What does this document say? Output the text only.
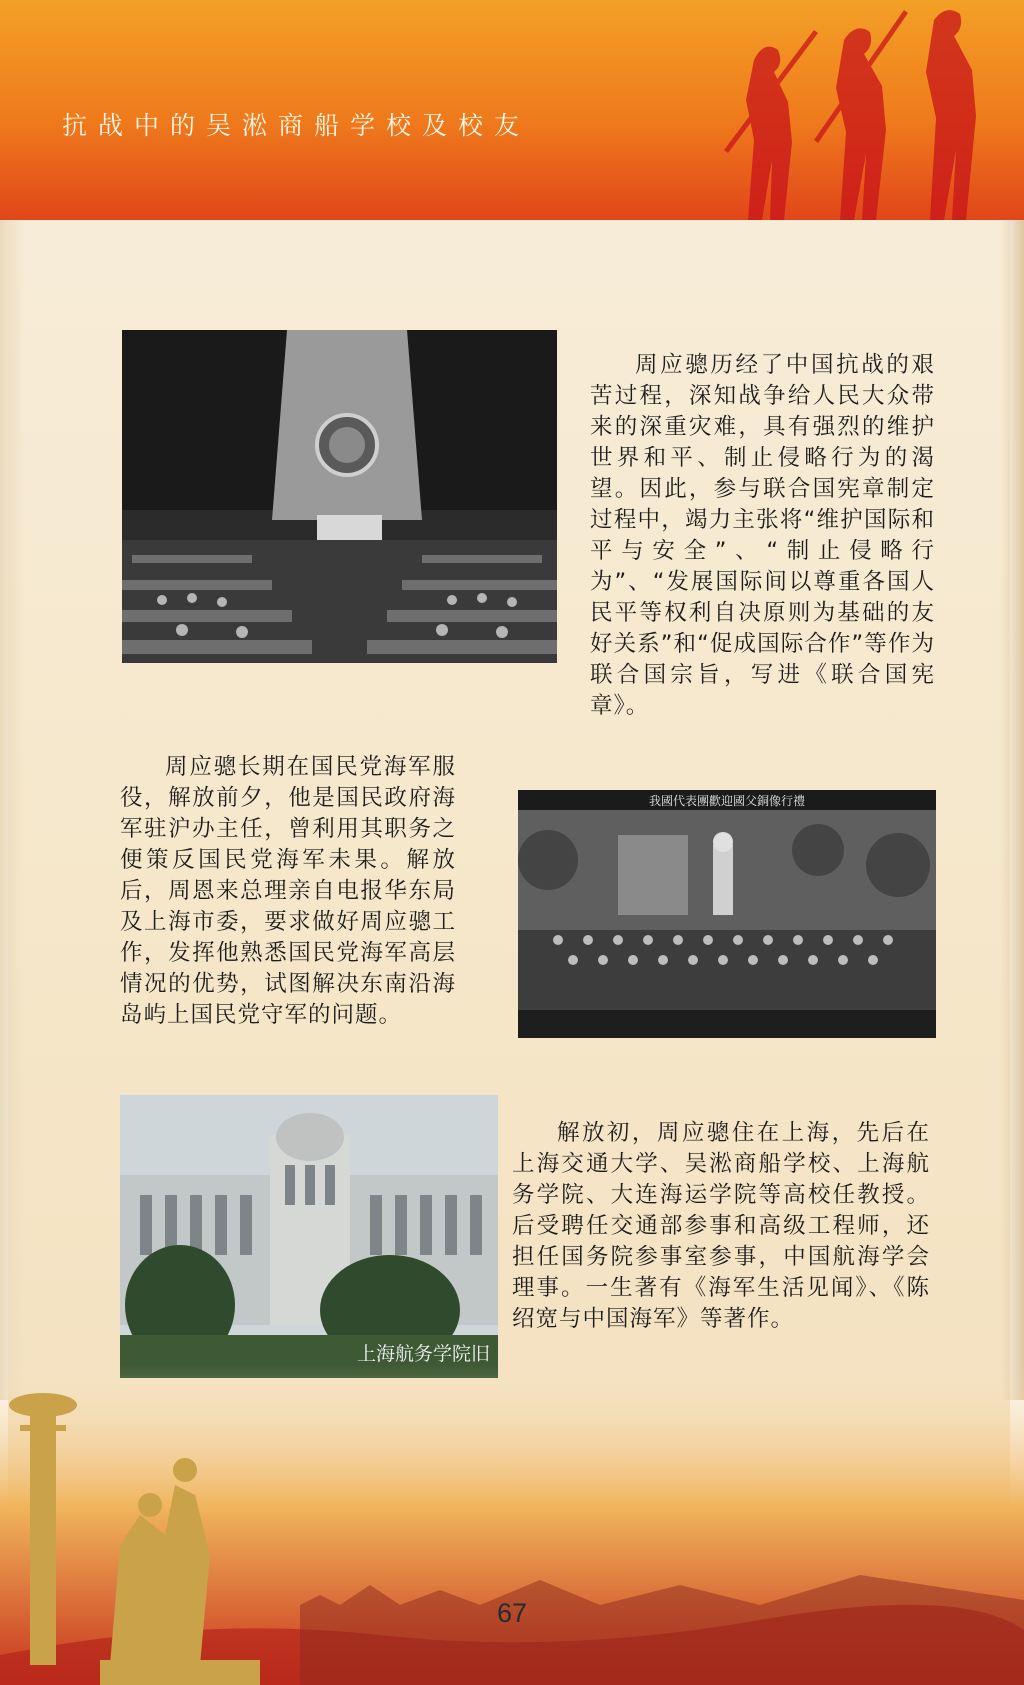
抗战中的吴淞商船学校及校友

周应骢历经了中国抗战的艰苦过程，深知战争给人民大众带来的深重灾难，具有强烈的维护世界和平、制止侵略行为的渴望。因此，参与联合国宪章制定过程中，竭力主张将“维护国际和平与安全”、“制止侵略行为”、“发展国际间以尊重各国人民平等权利自决原则为基础的友好关系”和“促成国际合作”等作为联合国宗旨，写进《联合国宪章》。

周应骢长期在国民党海军服役，解放前夕，他是国民政府海军驻沪办主任，曾利用其职务之便策反国民党海军未果。解放后，周恩来总理亲自电报华东局及上海市委，要求做好周应骢工作，发挥他熟悉国民党海军高层情况的优势，试图解决东南沿海岛屿上国民党守军的问题。

我國代表團歡迎國父銅像行禮
上海航务学院旧

解放初，周应骢住在上海，先后在上海交通大学、吴淞商船学校、上海航务学院、大连海运学院等高校任教授。后受聘任交通部参事和高级工程师，还担任国务院参事室参事，中国航海学会理事。一生著有《海军生活见闻》、《陈绍宽与中国海军》等著作。

67
